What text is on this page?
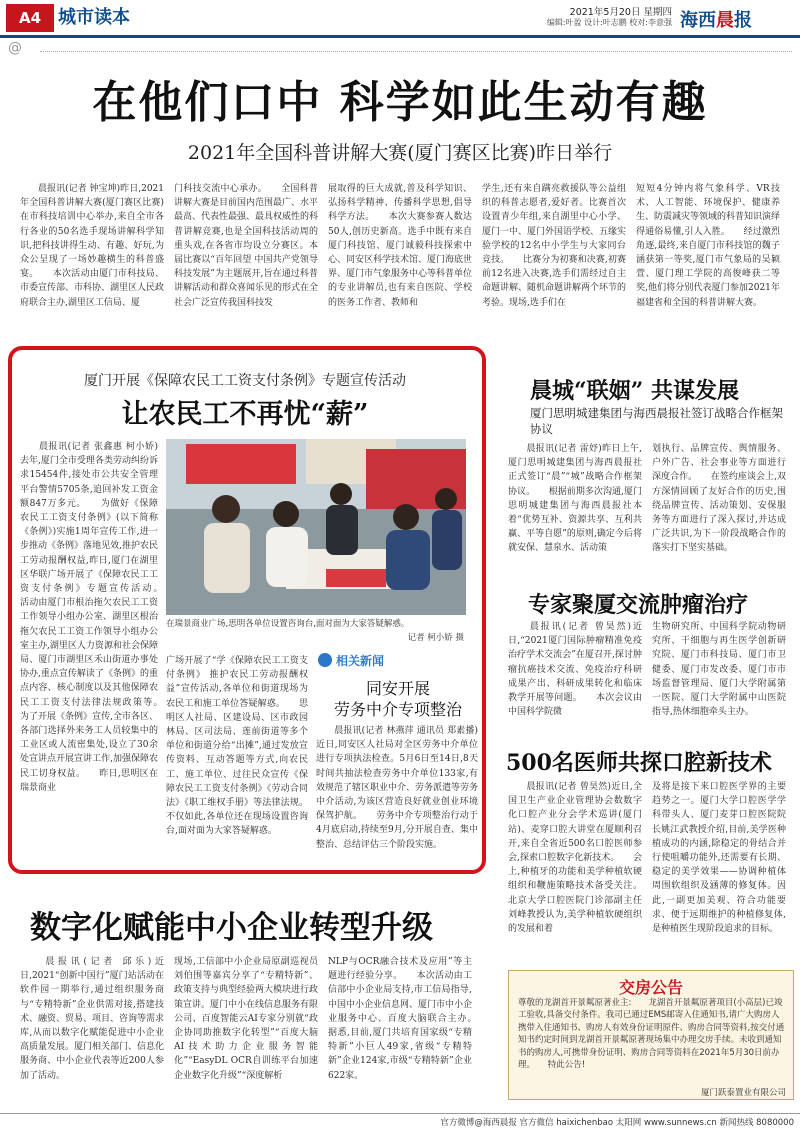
A4 城市读本	2021年5月20日 星期四
编辑:叶盈 设计:叶志鹏 校对:李意强 海西晨报
@
在他们口中 科学如此生动有趣
2021年全国科普讲解大赛(厦门赛区比赛)昨日举行
　　晨报讯(记者 钟宝坤)昨日,2021年全国科普讲解大赛(厦门赛区比赛)在市科技培训中心举办,来自全市各行各业的50名选手现场讲解科学知识,把科技讲得生动、有趣、好玩,为众公呈现了一场妙趣横生的科普盛宴。　　本次活动由厦门市科技局、市委宣传部、市科协、湖里区人民政府联合主办,湖里区工信局、厦
门科技交流中心承办。　　全国科普讲解大赛是目前国内范围最广、水平最高、代表性最强、最具权威性的科普讲解竞赛,也是全国科技活动周的重头戏,在各省市均设立分赛区。本届比赛以“百年回望 中国共产党领导科技发展”为主题展开,旨在通过科普讲解活动和群众喜闻乐见的形式在全社会广泛宣传我国科技发
展取得的巨大成就,普及科学知识、弘扬科学精神、传播科学思想,倡导科学方法。　　本次大赛参赛人数达50人,创历史新高。选手中既有来自厦门科技馆、厦门诚毅科技探索中心、同安区科学技术馆、厦门海底世界、厦门市气象服务中心等科普单位的专业讲解员,也有来自医院、学校的医务工作者、教师和
学生,还有来自蹒亮救援队等公益组织的科普志愿者,爱好者。比赛首次设置青少年组,来自湖里中心小学、厦门一中、厦门外国语学校、五缘实验学校的12名中小学生与大家同台竞技。　　比赛分为初赛和决赛,初赛前12名进入决赛,选手们需经过自主命题讲解、随机命题讲解两个环节的考验。现场,选手们在
短短4分钟内将气象科学、VR技术、人工智能、环境保护、健康养生、防震减灾等领域的科普知识演绎得通俗易懂,引人入胜。　　经过激烈角逐,最终,来自厦门市科技馆的魏子涵获第一等奖,厦门市气象局的吴颖萱、厦门理工学院的高俊峰获二等奖,他们将分别代表厦门参加2021年福建省和全国的科普讲解大赛。
厦门开展《保障农民工工资支付条例》专题宣传活动
让农民工不再忧“薪”
　　晨报讯(记者 张鑫惠 柯小娇)去年,厦门全市受理各类劳动纠纷诉求15454件,接处市公共安全管理平台警情5705条,追回补发工资金额847万多元。　　为做好《保障农民工工资支付条例》(以下简称《条例》)实施1周年宣传工作,进一步推动《条例》落地见效,推护农民工劳动报酬权益,昨日,厦门在湖里区华联广场开展了《保障农民工工资支付条例》专题宣传活动。　　活动由厦门市根治拖欠农民工工资工作领导小组办公室、湖里区根治拖欠农民工工资工作领导小组办公室主办,湖里区人力资源和社会保障局、厦门市湖里区禾山街道办事处协办,重点宣传解读了《条例》的重点内容、核心制度以及其他保障农民工工资支付法律法规政策等。　　为了开展《条例》宣传,全市各区、各部门选择外来务工人员较集中的工业区或人流密集处,设立了30余处宣讲点开展宣讲工作,加强保障农民工切身权益。　　昨日,思明区在瑞景商业
在瑞景商业广场,思明各单位设置咨询台,面对面为大家答疑解惑。
记者 柯小娇 摄
广场开展了“学《保障农民工工资支付条例》 推护农民工劳动报酬权益”宣传活动,各单位和街道现场为农民工和施工单位答疑解惑。　　思明区人社局、区建设局、区市政园林局、区司法局、莲前街道等多个单位和街道分给“出摊”,通过发放宣传资料、互动答题等方式,向农民工、施工单位、过往民众宣传《保障农民工工资支付条例》《劳动合同法》《职工维权手册》等法律法规。不仅如此,各单位还在现场设置咨询台,面对面为大家答疑解惑。
相关新闻
同安开展
劳务中介专项整治
　　晨报讯(记者 林燕萍 通讯员 郑素播)近日,同安区人社局对全区劳务中介单位进行专项执法检查。5月6日至14日,8天时间共抽法检查劳务中介单位133家,有效规范了辖区职业中介、劳务派遣等劳务中介活动,为该区营造良好就业创业环境保驾护航。　　劳务中介专项整治行动于4月底启动,持续至9月,分开展自查、集中整治、总结评估三个阶段实施。
晨城“联姻” 共谋发展
厦门思明城建集团与海西晨报社签订战略合作框架协议
　　晨报讯(记者 雷妤)昨日上午,厦门思明城建集团与海西晨报社正式签订“晨”“城”战略合作框架协议。　　根据前期多次沟通,厦门思明城建集团与海西晨报社本着“优势互补、资源共享、互利共赢、平等自愿”的原则,确定今后将就安保、慧泉水、活动策
划执行、品牌宣传、舆情服务、户外广告、社会事业等方面进行深度合作。　　在签约座谈会上,双方深情回顾了友好合作的历史,围绕品牌宣传、活动策划、安保服务等方面进行了深入探讨,并达成广泛共识,为下一阶段战略合作的落实打下坚实基础。
专家聚厦交流肿瘤治疗
　　晨报讯(记者 曾昊然)近日,“2021厦门国际肿瘤精准免疫治疗学术交流会”在厦召开,探讨肿瘤抗癌技术交流、免疫治疗科研成果产出、科研成果转化和临床教学开展等问题。　　本次会议由中国科学院微
生物研究所、中国科学院动物研究所、干细胞与再生医学创新研究院、厦门市科技局、厦门市卫健委、厦门市发改委、厦门市市场监督管理局、厦门大学附属第一医院、厦门大学附属中山医院指导,热休细胞牵头主办。
500名医师共探口腔新技术
　　晨报讯(记者 曾昊然)近日,全国卫生产业企业管理协会数数字化口腔产业分会学术巡讲(厦门站)、麦穿口腔大讲堂在厦顺利召开,来自全省近500名口腔医师参会,探索口腔数字化新技术。　　会上,种植牙的功能和美学种植软硬组织和鞭施策略技术备受关注。北京大学口腔医院门诊部副主任刘峰教授认为,美学种植软硬组织的发展和着
及将是接下来口腔医学界的主要趋势之一。厦门大学口腔医学学科带头人、厦门麦芽口腔医院院长姚江武教授介绍,目前,美学医种植成功的内涵,除稳定的骨结合并行使咀嚼功能外,还需要有长期、稳定的美学效果——协调种植体周围软组织及涵薄的修复体。因此,一副更加美观、符合功能要求、便于远期维护的种植修复体,是种植医生现阶段追求的目标。
数字化赋能中小企业转型升级
　　晨报讯(记者 邱乐)近日,2021“创新中国行”厦门站活动在软件园一期举行,通过组织服务商与“专精特新”企业供需对接,搭建技术、融资、贸易、项目、咨询等需求库,从而以数字化赋能促进中小企业高质量发展。厦门相关部门、信息化服务商、中小企业代表等近200人参加了活动。
现场,工信部中小企业局原副巡视员刘伯围等嘉宾分享了“专精特新”、政策支持与典型经验两大模块进行政策宣讲。厦门中小在线信息服务有限公司、百度智能云AI专家分别就“政企协同助推数字化转型”“百度大脑AI技术助力企业服务智能化”“EasyDL OCR自训练平台加速企业数字化升级”“深度解析
NLP与OCR融合技术及应用”等主题进行经验分享。　　本次活动由工信部中小企业局支持,市工信局指导,中国中小企业信息网、厦门市中小企业服务中心、百度大脑联合主办。　　据悉,目前,厦门共培育国家级“专精特新”小巨人49家,省级“专精特新”企业124家,市级“专精特新”企业622家。
交房公告
尊敬的龙湖首开景粼原著业主:　　龙湖首开景粼原著项目(小高层)已竣工验收,具备交付条件。我司已通过EMS邮寄入住通知书,请广大购房人携带入住通知书、购房人有效身份证明原件、购房合同等资料,按交付通知书约定时间到龙湖首开景粼原著现场集中办理交房手续。未收到通知书的购房人,可携带身份证明、购房合同等资料在2021年5月30日前办理。　　特此公告!
厦门跃泰置业有限公司
官方微博@海西晨报 官方微信 haixichenbao 太阳网 www.sunnews.cn 新闻热线 8080000
